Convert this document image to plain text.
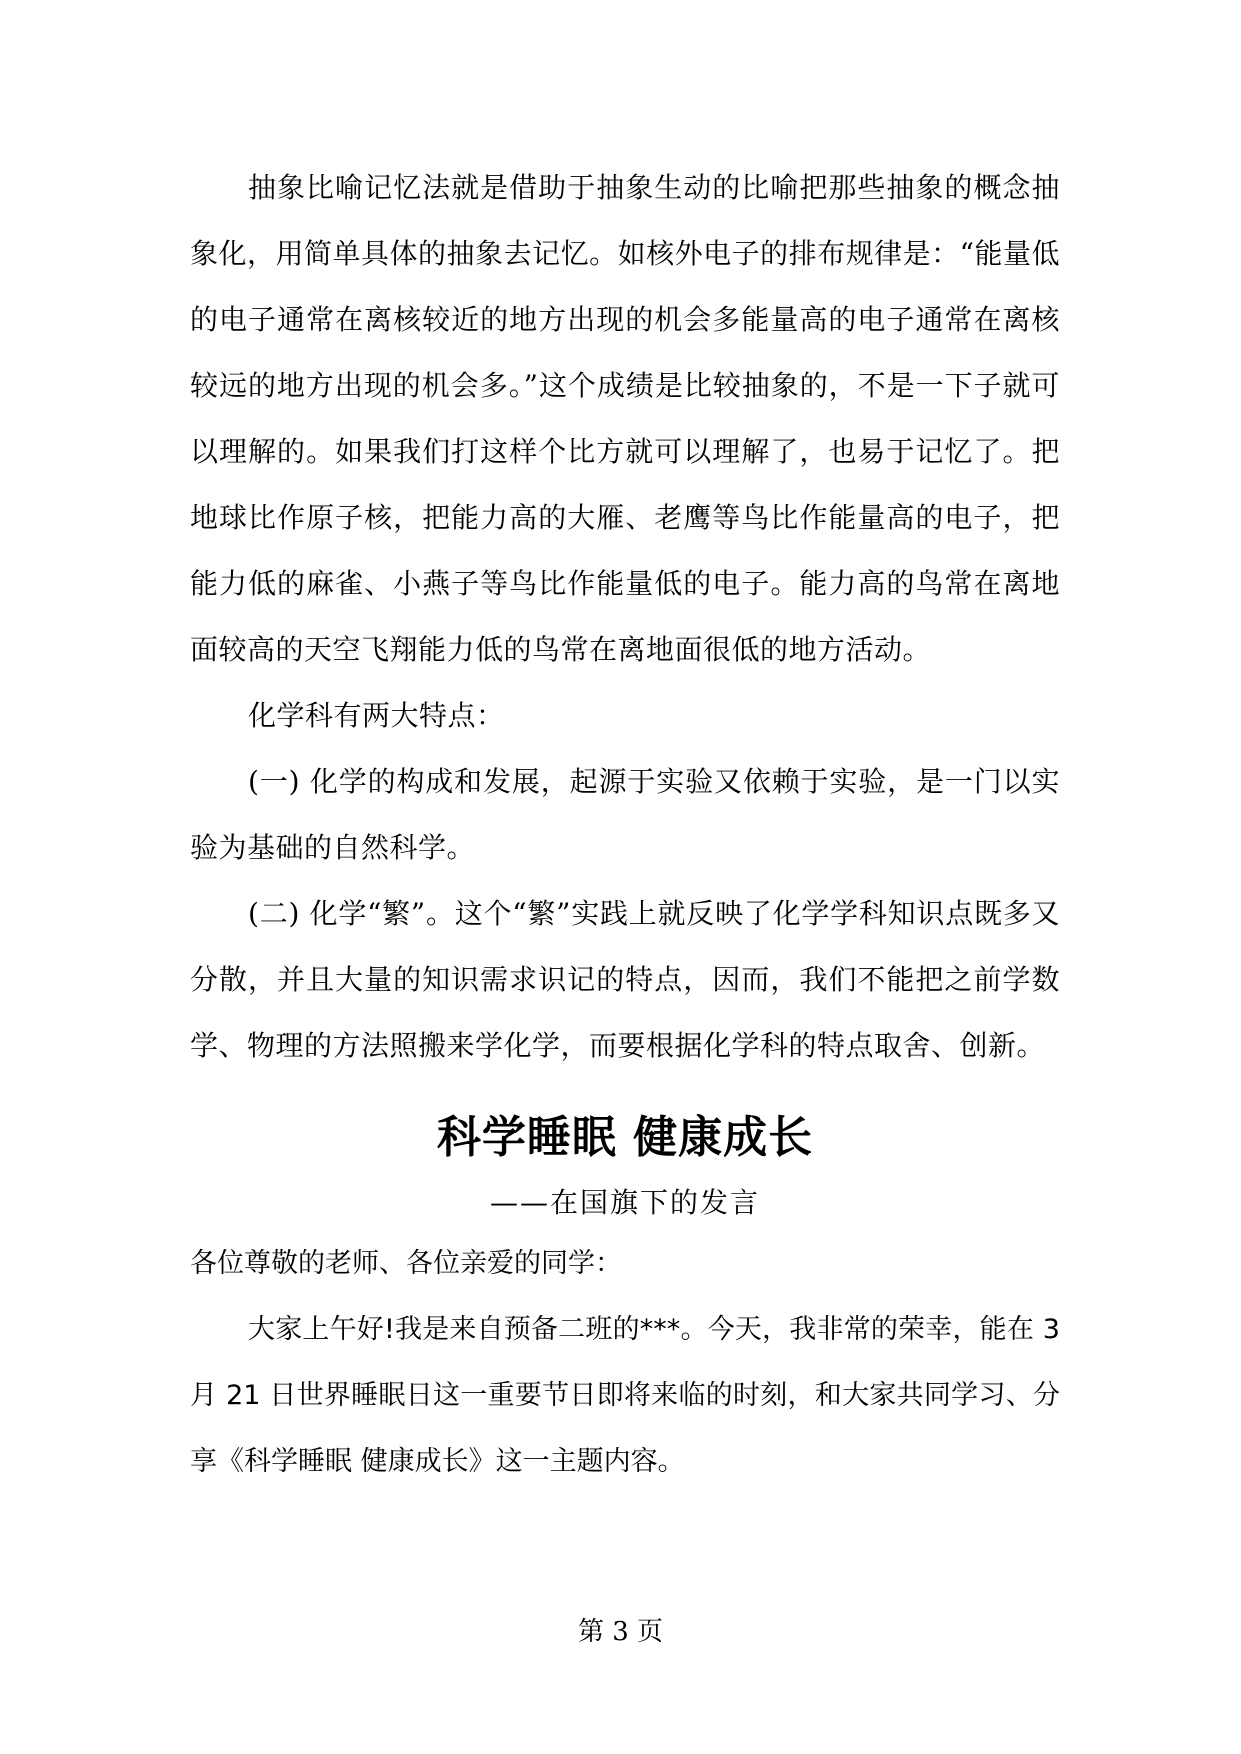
抽象比喻记忆法就是借助于抽象生动的比喻把那些抽象的概念抽象化，用简单具体的抽象去记忆。如核外电子的排布规律是：“能量低的电子通常在离核较近的地方出现的机会多能量高的电子通常在离核较远的地方出现的机会多。”这个成绩是比较抽象的，不是一下子就可以理解的。如果我们打这样个比方就可以理解了，也易于记忆了。把地球比作原子核，把能力高的大雁、老鹰等鸟比作能量高的电子，把能力低的麻雀、小燕子等鸟比作能量低的电子。能力高的鸟常在离地面较高的天空飞翔能力低的鸟常在离地面很低的地方活动。

化学科有两大特点：

(一) 化学的构成和发展，起源于实验又依赖于实验，是一门以实验为基础的自然科学。

(二) 化学“繁”。这个“繁”实践上就反映了化学学科知识点既多又分散，并且大量的知识需求识记的特点，因而，我们不能把之前学数学、物理的方法照搬来学化学，而要根据化学科的特点取舍、创新。

科学睡眠 健康成长

——在国旗下的发言

各位尊敬的老师、各位亲爱的同学：

大家上午好!我是来自预备二班的***。今天，我非常的荣幸，能在 3 月 21 日世界睡眠日这一重要节日即将来临的时刻，和大家共同学习、分享《科学睡眠 健康成长》这一主题内容。

第 3 页
